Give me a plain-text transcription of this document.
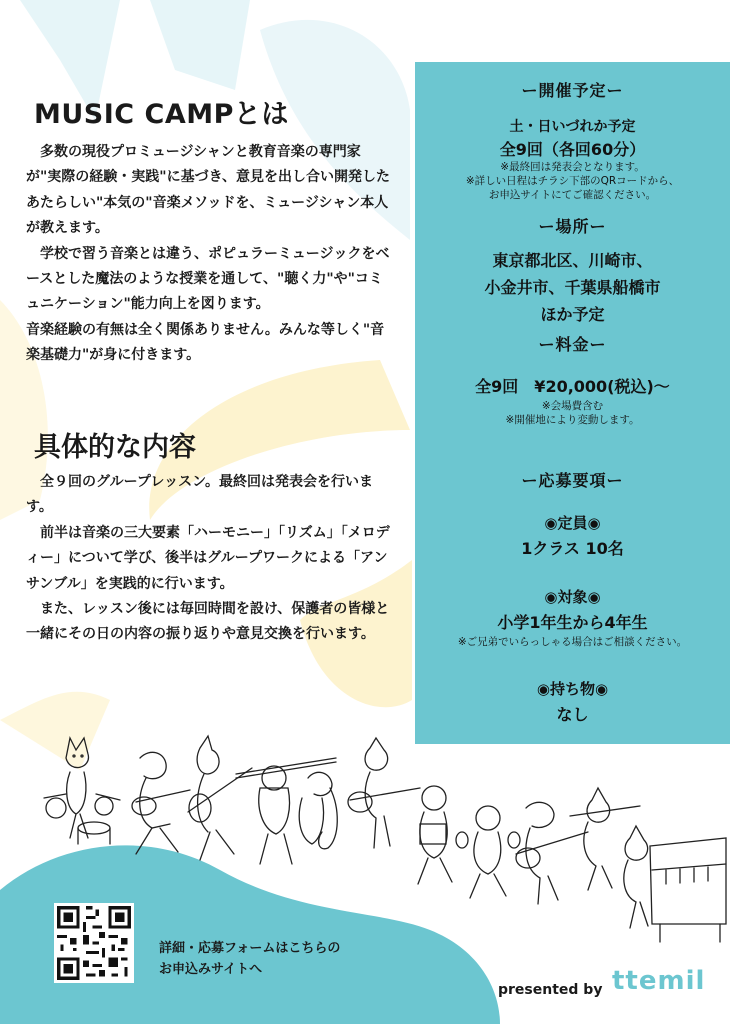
MUSIC CAMPとは

多数の現役プロミュージシャンと教育音楽の専門家が"実際の経験・実践"に基づき、意見を出し合い開発したあたらしい"本気の"音楽メソッドを、ミュージシャン本人が教えます。

学校で習う音楽とは違う、ポピュラーミュージックをベースとした魔法のような授業を通して、"聴く力"や"コミュニケーション"能力向上を図ります。

音楽経験の有無は全く関係ありません。みんな等しく"音楽基礎力"が身に付きます。

具体的な内容

全９回のグループレッスン。最終回は発表会を行います。

前半は音楽の三大要素「ハーモニー」「リズム」「メロディー」について学び、後半はグループワークによる「アンサンブル」を実践的に行います。

また、レッスン後には毎回時間を設け、保護者の皆様と一緒にその日の内容の振り返りや意見交換を行います。

ー開催予定ー
土・日いづれか予定
全9回（各回60分）
※最終回は発表会となります。
※詳しい日程はチラシ下部のQRコードから、
お申込サイトにてご確認ください。
ー場所ー
東京都北区、川崎市、
小金井市、千葉県船橋市
ほか予定
ー料金ー
全9回　¥20,000(税込)〜
※会場費含む
※開催地により変動します。
ー応募要項ー
◉定員◉
1クラス 10名
◉対象◉
小学1年生から4年生
※ご兄弟でいらっしゃる場合はご相談ください。
◉持ち物◉
なし
詳細・応募フォームはこちらの
お申込みサイトへ
presented by ttemil
